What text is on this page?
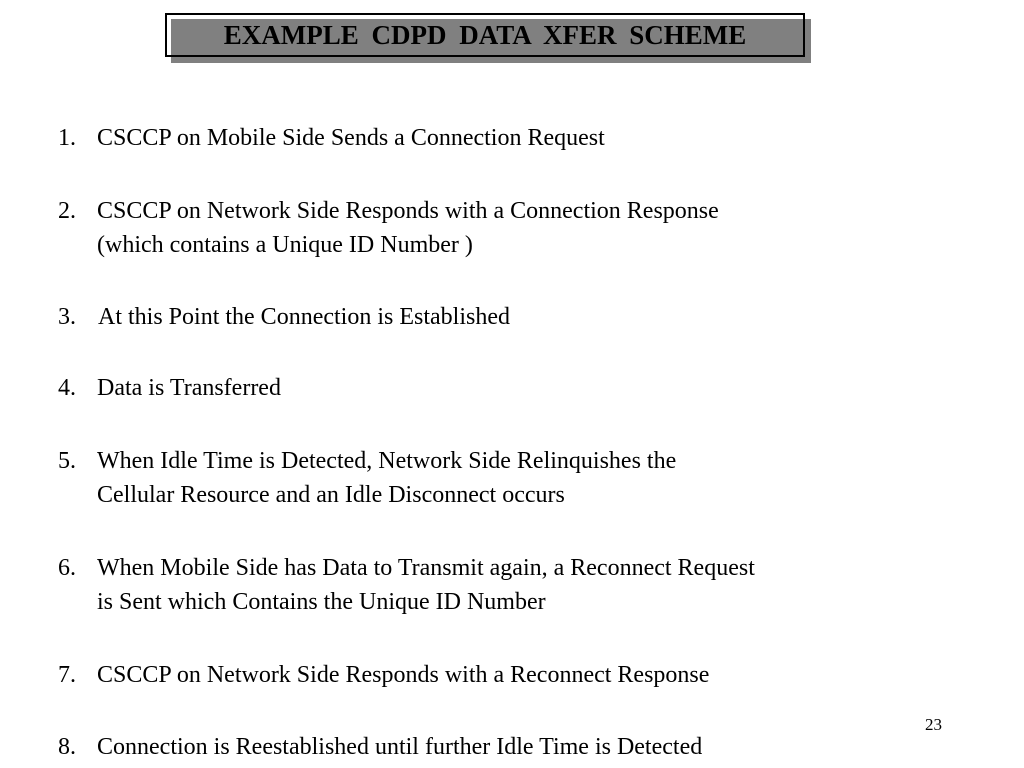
EXAMPLE CDPD DATA XFER SCHEME
1. CSCCP on Mobile Side Sends a Connection Request
2. CSCCP on Network Side Responds with a Connection Response
(which contains a Unique ID Number )
3. At this Point the Connection is Established
4. Data is Transferred
5. When Idle Time is Detected, Network Side Relinquishes the
Cellular Resource and an Idle Disconnect occurs
6. When Mobile Side has Data to Transmit again, a Reconnect Request
is Sent which Contains the Unique ID Number
7. CSCCP on Network Side Responds with a Reconnect Response
8. Connection is Reestablished until further Idle Time is Detected
23
